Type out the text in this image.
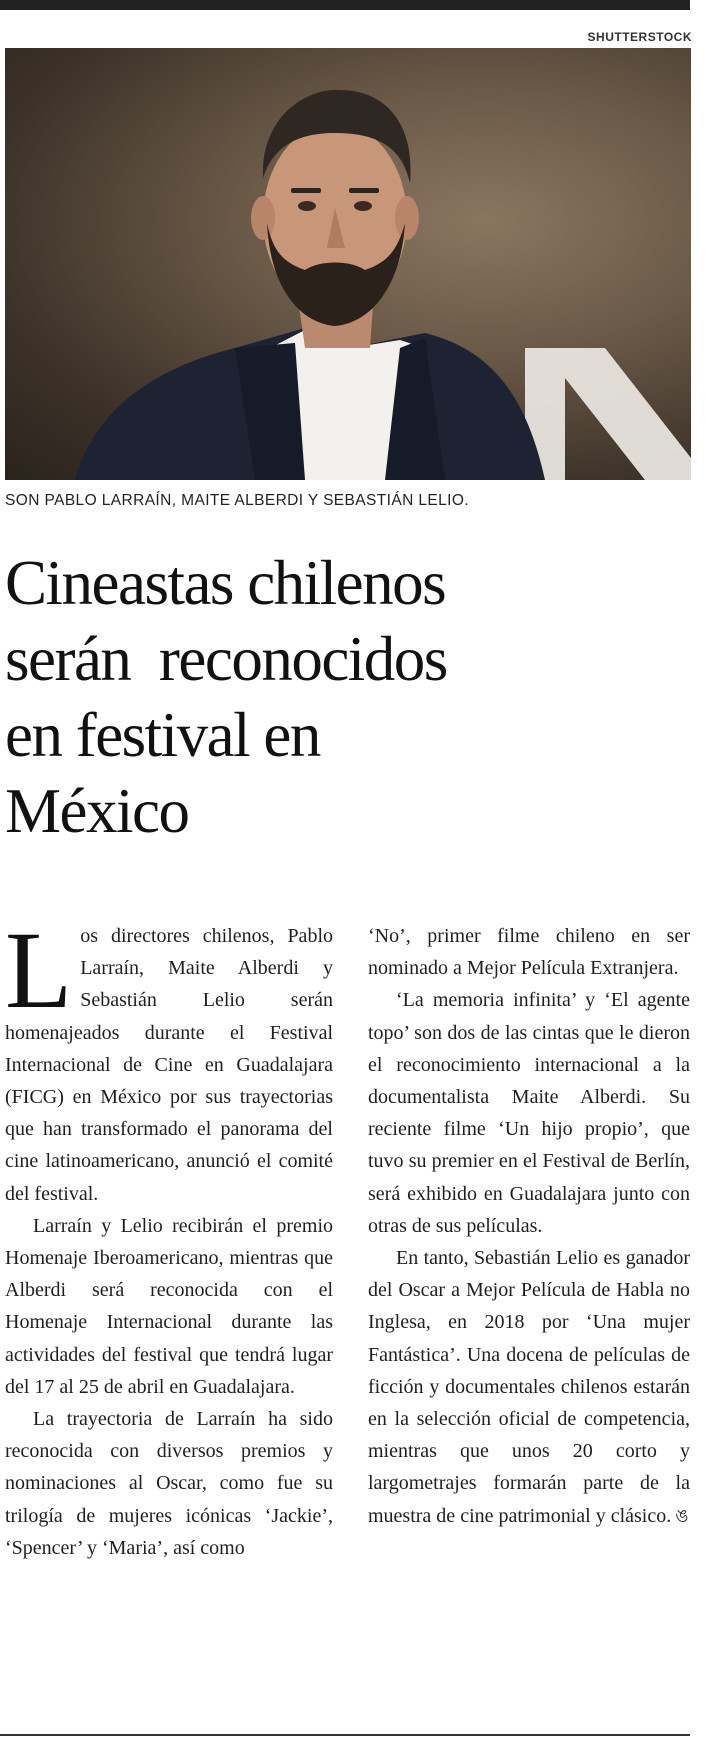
SHUTTERSTOCK
SON PABLO LARRAÍN, MAITE ALBERDI Y SEBASTIÁN LELIO.
Cineastas chilenos
serán  reconocidos
en festival en
México

Los directores chilenos, Pablo Larraín, Maite Alberdi y Sebastián Lelio serán homenajeados durante el Festival Internacional de Cine en Guadalajara (FICG) en México por sus trayectorias que han transformado el panorama del cine latinoamericano, anunció el comité del festival.

Larraín y Lelio recibirán el premio Homenaje Iberoamericano, mientras que Alberdi será reconocida con el Homenaje Internacional durante las actividades del festival que tendrá lugar del 17 al 25 de abril en Guadalajara.

La trayectoria de Larraín ha sido reconocida con diversos premios y nominaciones al Oscar, como fue su trilogía de mujeres icónicas ‘Jackie’, ‘Spencer’ y ‘Maria’, así como

‘No’, primer filme chileno en ser nominado a Mejor Película Extranjera.

‘La memoria infinita’ y ‘El agente topo’ son dos de las cintas que le dieron el reconocimiento internacional a la documentalista Maite Alberdi. Su reciente filme ‘Un hijo propio’, que tuvo su premier en el Festival de Berlín, será exhibido en Guadalajara junto con otras de sus películas.

En tanto, Sebastián Lelio es ganador del Oscar a Mejor Película de Habla no Inglesa, en 2018 por ‘Una mujer Fantástica’. Una docena de películas de ficción y documentales chilenos estarán en la selección oficial de competencia, mientras que unos 20 corto y largometrajes formarán parte de la muestra de cine patrimonial y clásico. ঙ
